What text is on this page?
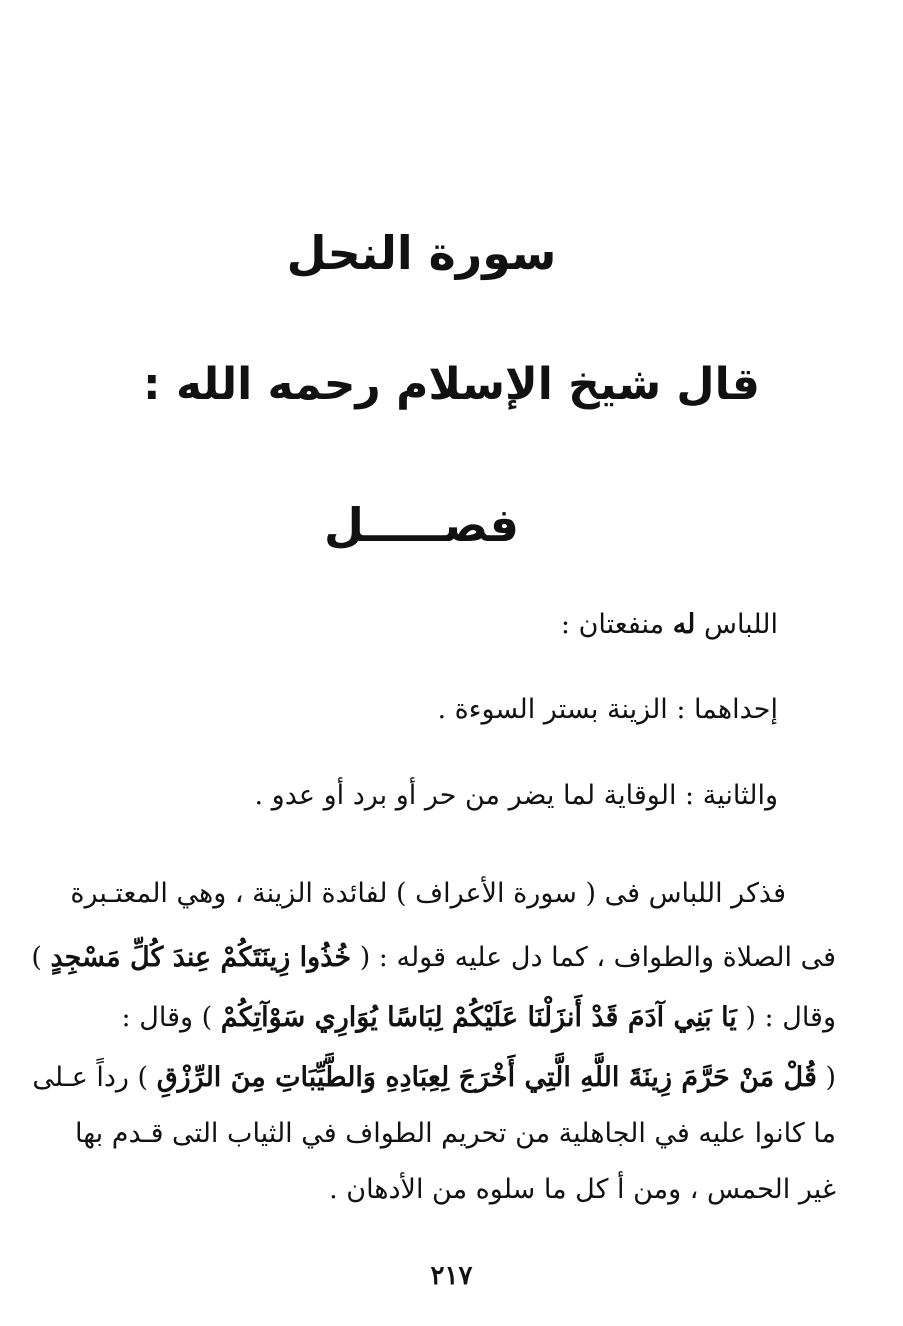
سورة النحل
قال شيخ الإسلام رحمه الله :
فصـــــل
اللباس له منفعتان :
إحداهما : الزينة بستر السوءة .
والثانية : الوقاية لما يضر من حر أو برد أو عدو .
فذكر اللباس فى ( سورة الأعراف ) لفائدة الزينة ، وهي المعتـبرة
فى الصلاة والطواف ، كما دل عليه قوله : ( خُذُوا زِينَتَكُمْ عِندَ كُلِّ مَسْجِدٍ )
وقال : ( يَا بَنِي آدَمَ قَدْ أَنزَلْنَا عَلَيْكُمْ لِبَاسًا يُوَارِي سَوْآتِكُمْ ) وقال :
( قُلْ مَنْ حَرَّمَ زِينَةَ اللَّهِ الَّتِي أَخْرَجَ لِعِبَادِهِ وَالطَّيِّبَاتِ مِنَ الرِّزْقِ ) رداً عـلى
ما كانوا عليه في الجاهلية من تحريم الطواف في الثياب التى قـدم بها
غير الحمس ، ومن أ كل ما سلوه من الأدهان .
٢١٧
